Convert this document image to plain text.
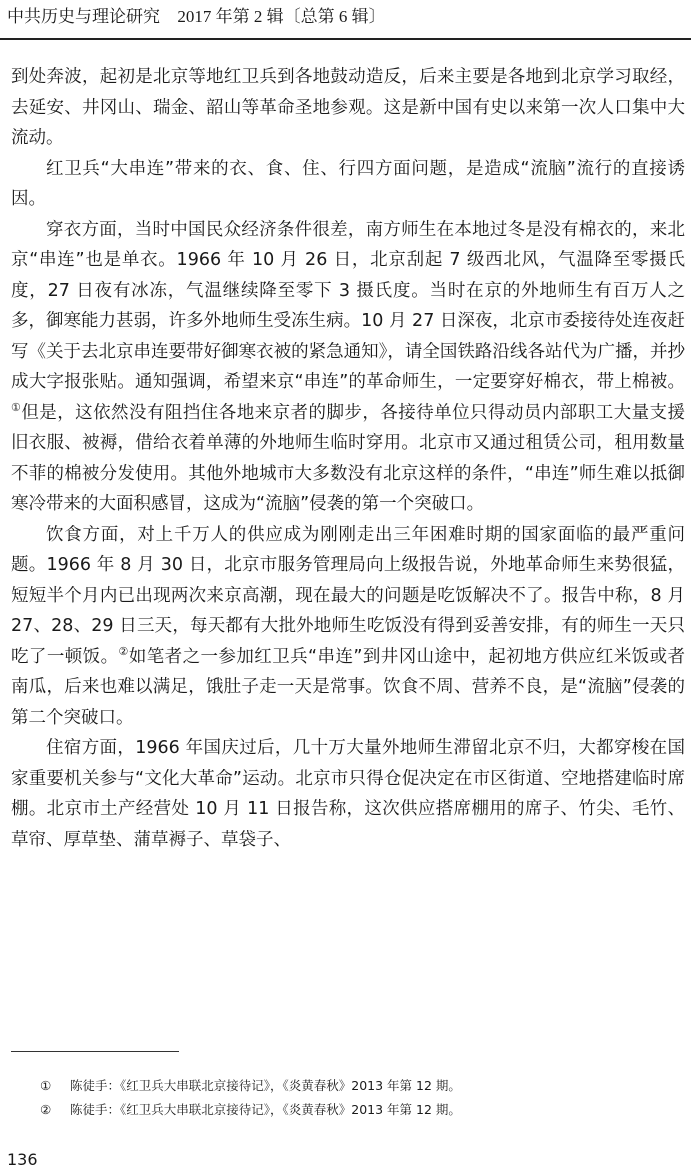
中共历史与理论研究 2017 年第 2 辑〔总第 6 辑〕

到处奔波，起初是北京等地红卫兵到各地鼓动造反，后来主要是各地到北京学习取经，去延安、井冈山、瑞金、韶山等革命圣地参观。这是新中国有史以来第一次人口集中大流动。

红卫兵“大串连”带来的衣、食、住、行四方面问题，是造成“流脑”流行的直接诱因。

穿衣方面，当时中国民众经济条件很差，南方师生在本地过冬是没有棉衣的，来北京“串连”也是单衣。1966 年 10 月 26 日，北京刮起 7 级西北风，气温降至零摄氏度，27 日夜有冰冻，气温继续降至零下 3 摄氏度。当时在京的外地师生有百万人之多，御寒能力甚弱，许多外地师生受冻生病。10 月 27 日深夜，北京市委接待处连夜赶写《关于去北京串连要带好御寒衣被的紧急通知》，请全国铁路沿线各站代为广播，并抄成大字报张贴。通知强调，希望来京“串连”的革命师生，一定要穿好棉衣，带上棉被。①但是，这依然没有阻挡住各地来京者的脚步，各接待单位只得动员内部职工大量支援旧衣服、被褥，借给衣着单薄的外地师生临时穿用。北京市又通过租赁公司，租用数量不菲的棉被分发使用。其他外地城市大多数没有北京这样的条件，“串连”师生难以抵御寒冷带来的大面积感冒，这成为“流脑”侵袭的第一个突破口。

饮食方面，对上千万人的供应成为刚刚走出三年困难时期的国家面临的最严重问题。1966 年 8 月 30 日，北京市服务管理局向上级报告说，外地革命师生来势很猛，短短半个月内已出现两次来京高潮，现在最大的问题是吃饭解决不了。报告中称，8 月 27、28、29 日三天，每天都有大批外地师生吃饭没有得到妥善安排，有的师生一天只吃了一顿饭。②如笔者之一参加红卫兵“串连”到井冈山途中，起初地方供应红米饭或者南瓜，后来也难以满足，饿肚子走一天是常事。饮食不周、营养不良，是“流脑”侵袭的第二个突破口。

住宿方面，1966 年国庆过后，几十万大量外地师生滞留北京不归，大都穿梭在国家重要机关参与“文化大革命”运动。北京市只得仓促决定在市区街道、空地搭建临时席棚。北京市土产经营处 10 月 11 日报告称，这次供应搭席棚用的席子、竹尖、毛竹、草帘、厚草垫、蒲草褥子、草袋子、

① 陈徒手：《红卫兵大串联北京接待记》，《炎黄春秋》2013 年第 12 期。
② 陈徒手：《红卫兵大串联北京接待记》，《炎黄春秋》2013 年第 12 期。
136
